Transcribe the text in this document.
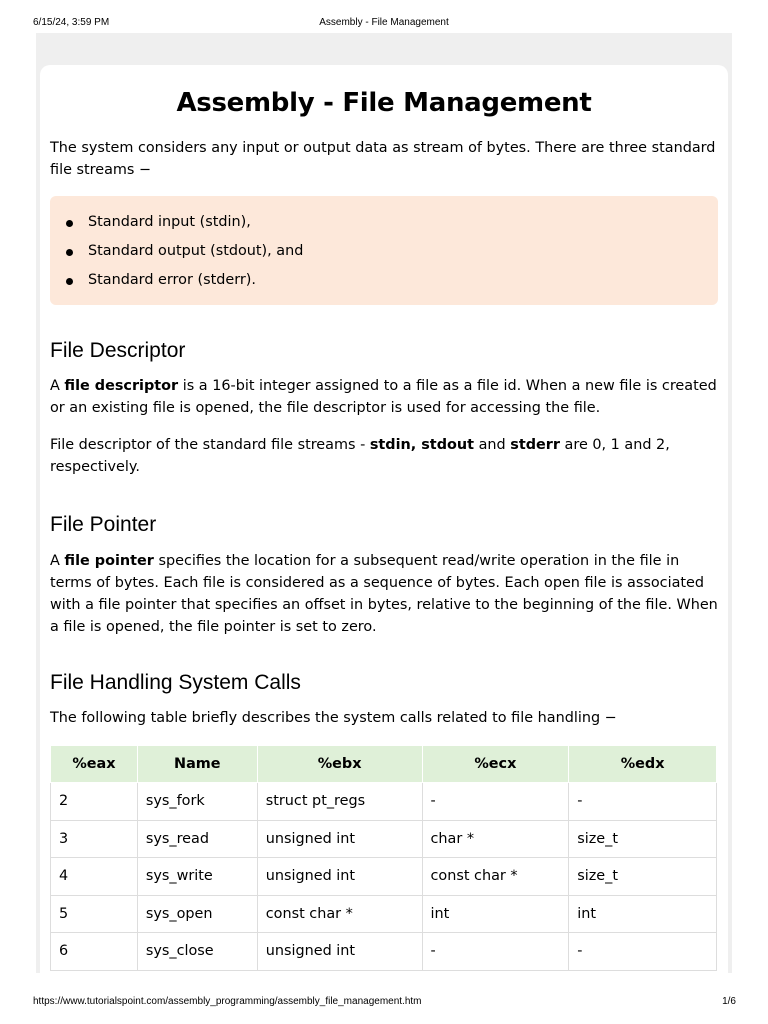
6/15/24, 3:59 PM	Assembly - File Management
Assembly - File Management

The system considers any input or output data as stream of bytes. There are three standard file streams −

Standard input (stdin),
Standard output (stdout), and
Standard error (stderr).
File Descriptor

A file descriptor is a 16-bit integer assigned to a file as a file id. When a new file is created or an existing file is opened, the file descriptor is used for accessing the file.

File descriptor of the standard file streams - stdin, stdout and stderr are 0, 1 and 2, respectively.

File Pointer

A file pointer specifies the location for a subsequent read/write operation in the file in terms of bytes. Each file is considered as a sequence of bytes. Each open file is associated with a file pointer that specifies an offset in bytes, relative to the beginning of the file. When a file is opened, the file pointer is set to zero.

File Handling System Calls

The following table briefly describes the system calls related to file handling −

%eax	Name	%ebx	%ecx	%edx
2	sys_fork	struct pt_regs	-	-
3	sys_read	unsigned int	char *	size_t
4	sys_write	unsigned int	const char *	size_t
5	sys_open	const char *	int	int
6	sys_close	unsigned int	-	-
https://www.tutorialspoint.com/assembly_programming/assembly_file_management.htm	1/6
